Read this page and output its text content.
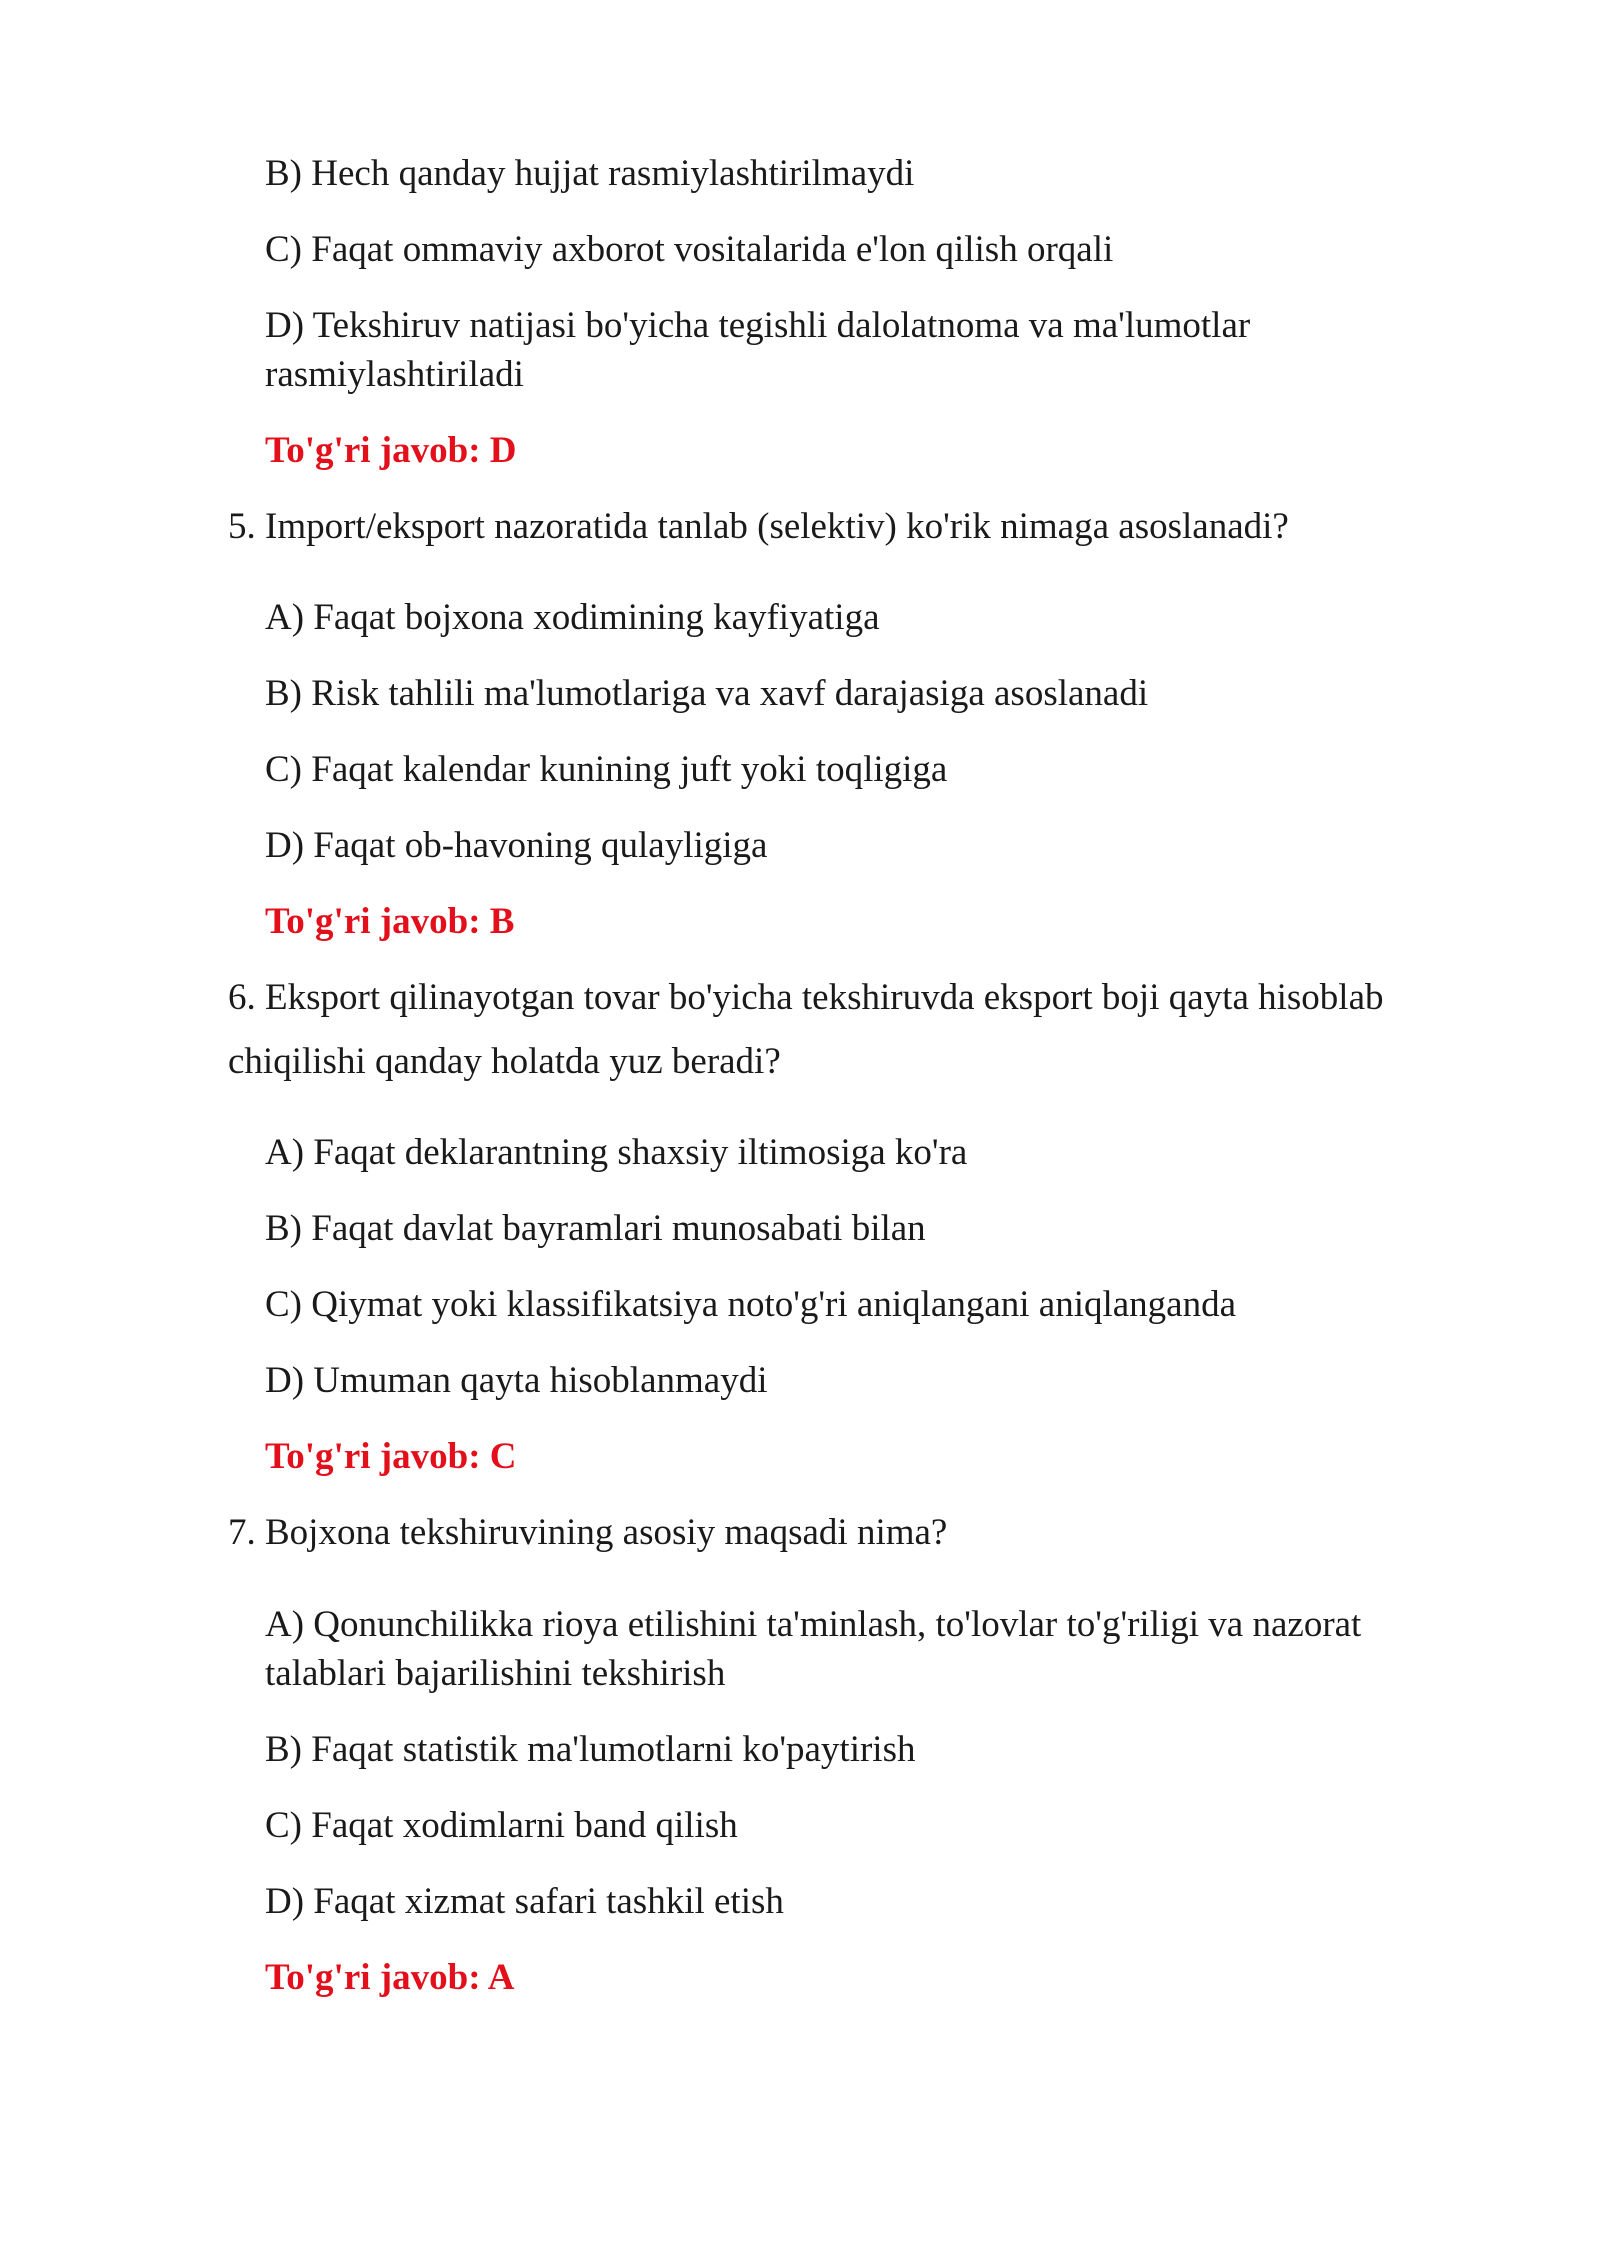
B) Hech qanday hujjat rasmiylashtirilmaydi
C) Faqat ommaviy axborot vositalarida e'lon qilish orqali
D) Tekshiruv natijasi bo'yicha tegishli dalolatnoma va ma'lumotlar
rasmiylashtiriladi
To'g'ri javob: D
5. Import/eksport nazoratida tanlab (selektiv) ko'rik nimaga asoslanadi?
A) Faqat bojxona xodimining kayfiyatiga
B) Risk tahlili ma'lumotlariga va xavf darajasiga asoslanadi
C) Faqat kalendar kunining juft yoki toqligiga
D) Faqat ob-havoning qulayligiga
To'g'ri javob: B
6. Eksport qilinayotgan tovar bo'yicha tekshiruvda eksport boji qayta hisoblab
chiqilishi qanday holatda yuz beradi?
A) Faqat deklarantning shaxsiy iltimosiga ko'ra
B) Faqat davlat bayramlari munosabati bilan
C) Qiymat yoki klassifikatsiya noto'g'ri aniqlangani aniqlanganda
D) Umuman qayta hisoblanmaydi
To'g'ri javob: C
7. Bojxona tekshiruvining asosiy maqsadi nima?
A) Qonunchilikka rioya etilishini ta'minlash, to'lovlar to'g'riligi va nazorat
talablari bajarilishini tekshirish
B) Faqat statistik ma'lumotlarni ko'paytirish
C) Faqat xodimlarni band qilish
D) Faqat xizmat safari tashkil etish
To'g'ri javob: A
